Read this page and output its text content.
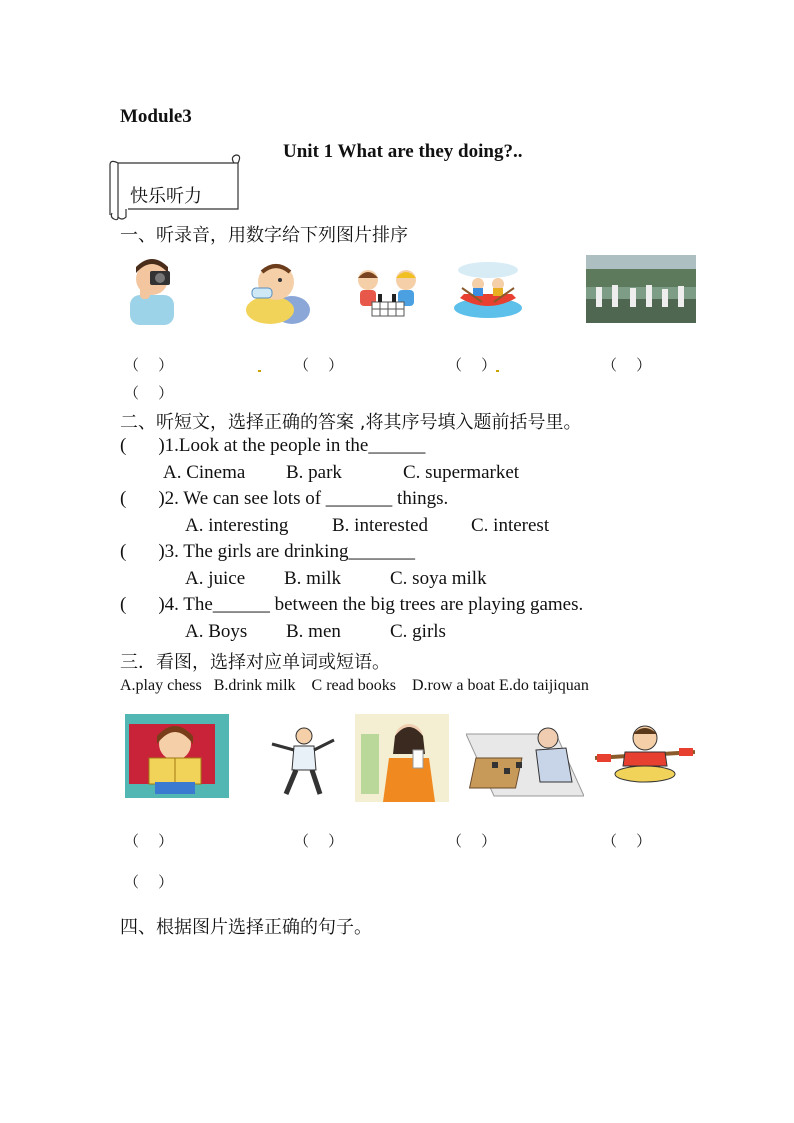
Module3
Unit 1 What are they doing?..
快乐听力
一、听录音，用数字给下列图片排序
（    ）	（    ）	（    ）	（    ）
（    ）
二、听短文，选择正确的答案 ,将其序号填入题前括号里。
( )1.Look at the people in the______
A. Cinema B. park	C. supermarket
( )2. We can see lots of _______ things.
A. interesting B. interested C. interest
( )3. The girls are drinking_______
A. juice B. milk	C. soya milk
( )4. The______ between the big trees are playing games.
A. Boys B. men	C. girls
三．看图，选择对应单词或短语。
A.play chess   B.drink milk    C read books    D.row a boat E.do taijiquan
（    ）	（    ）	（    ）	（    ）
（    ）
四、根据图片选择正确的句子。
